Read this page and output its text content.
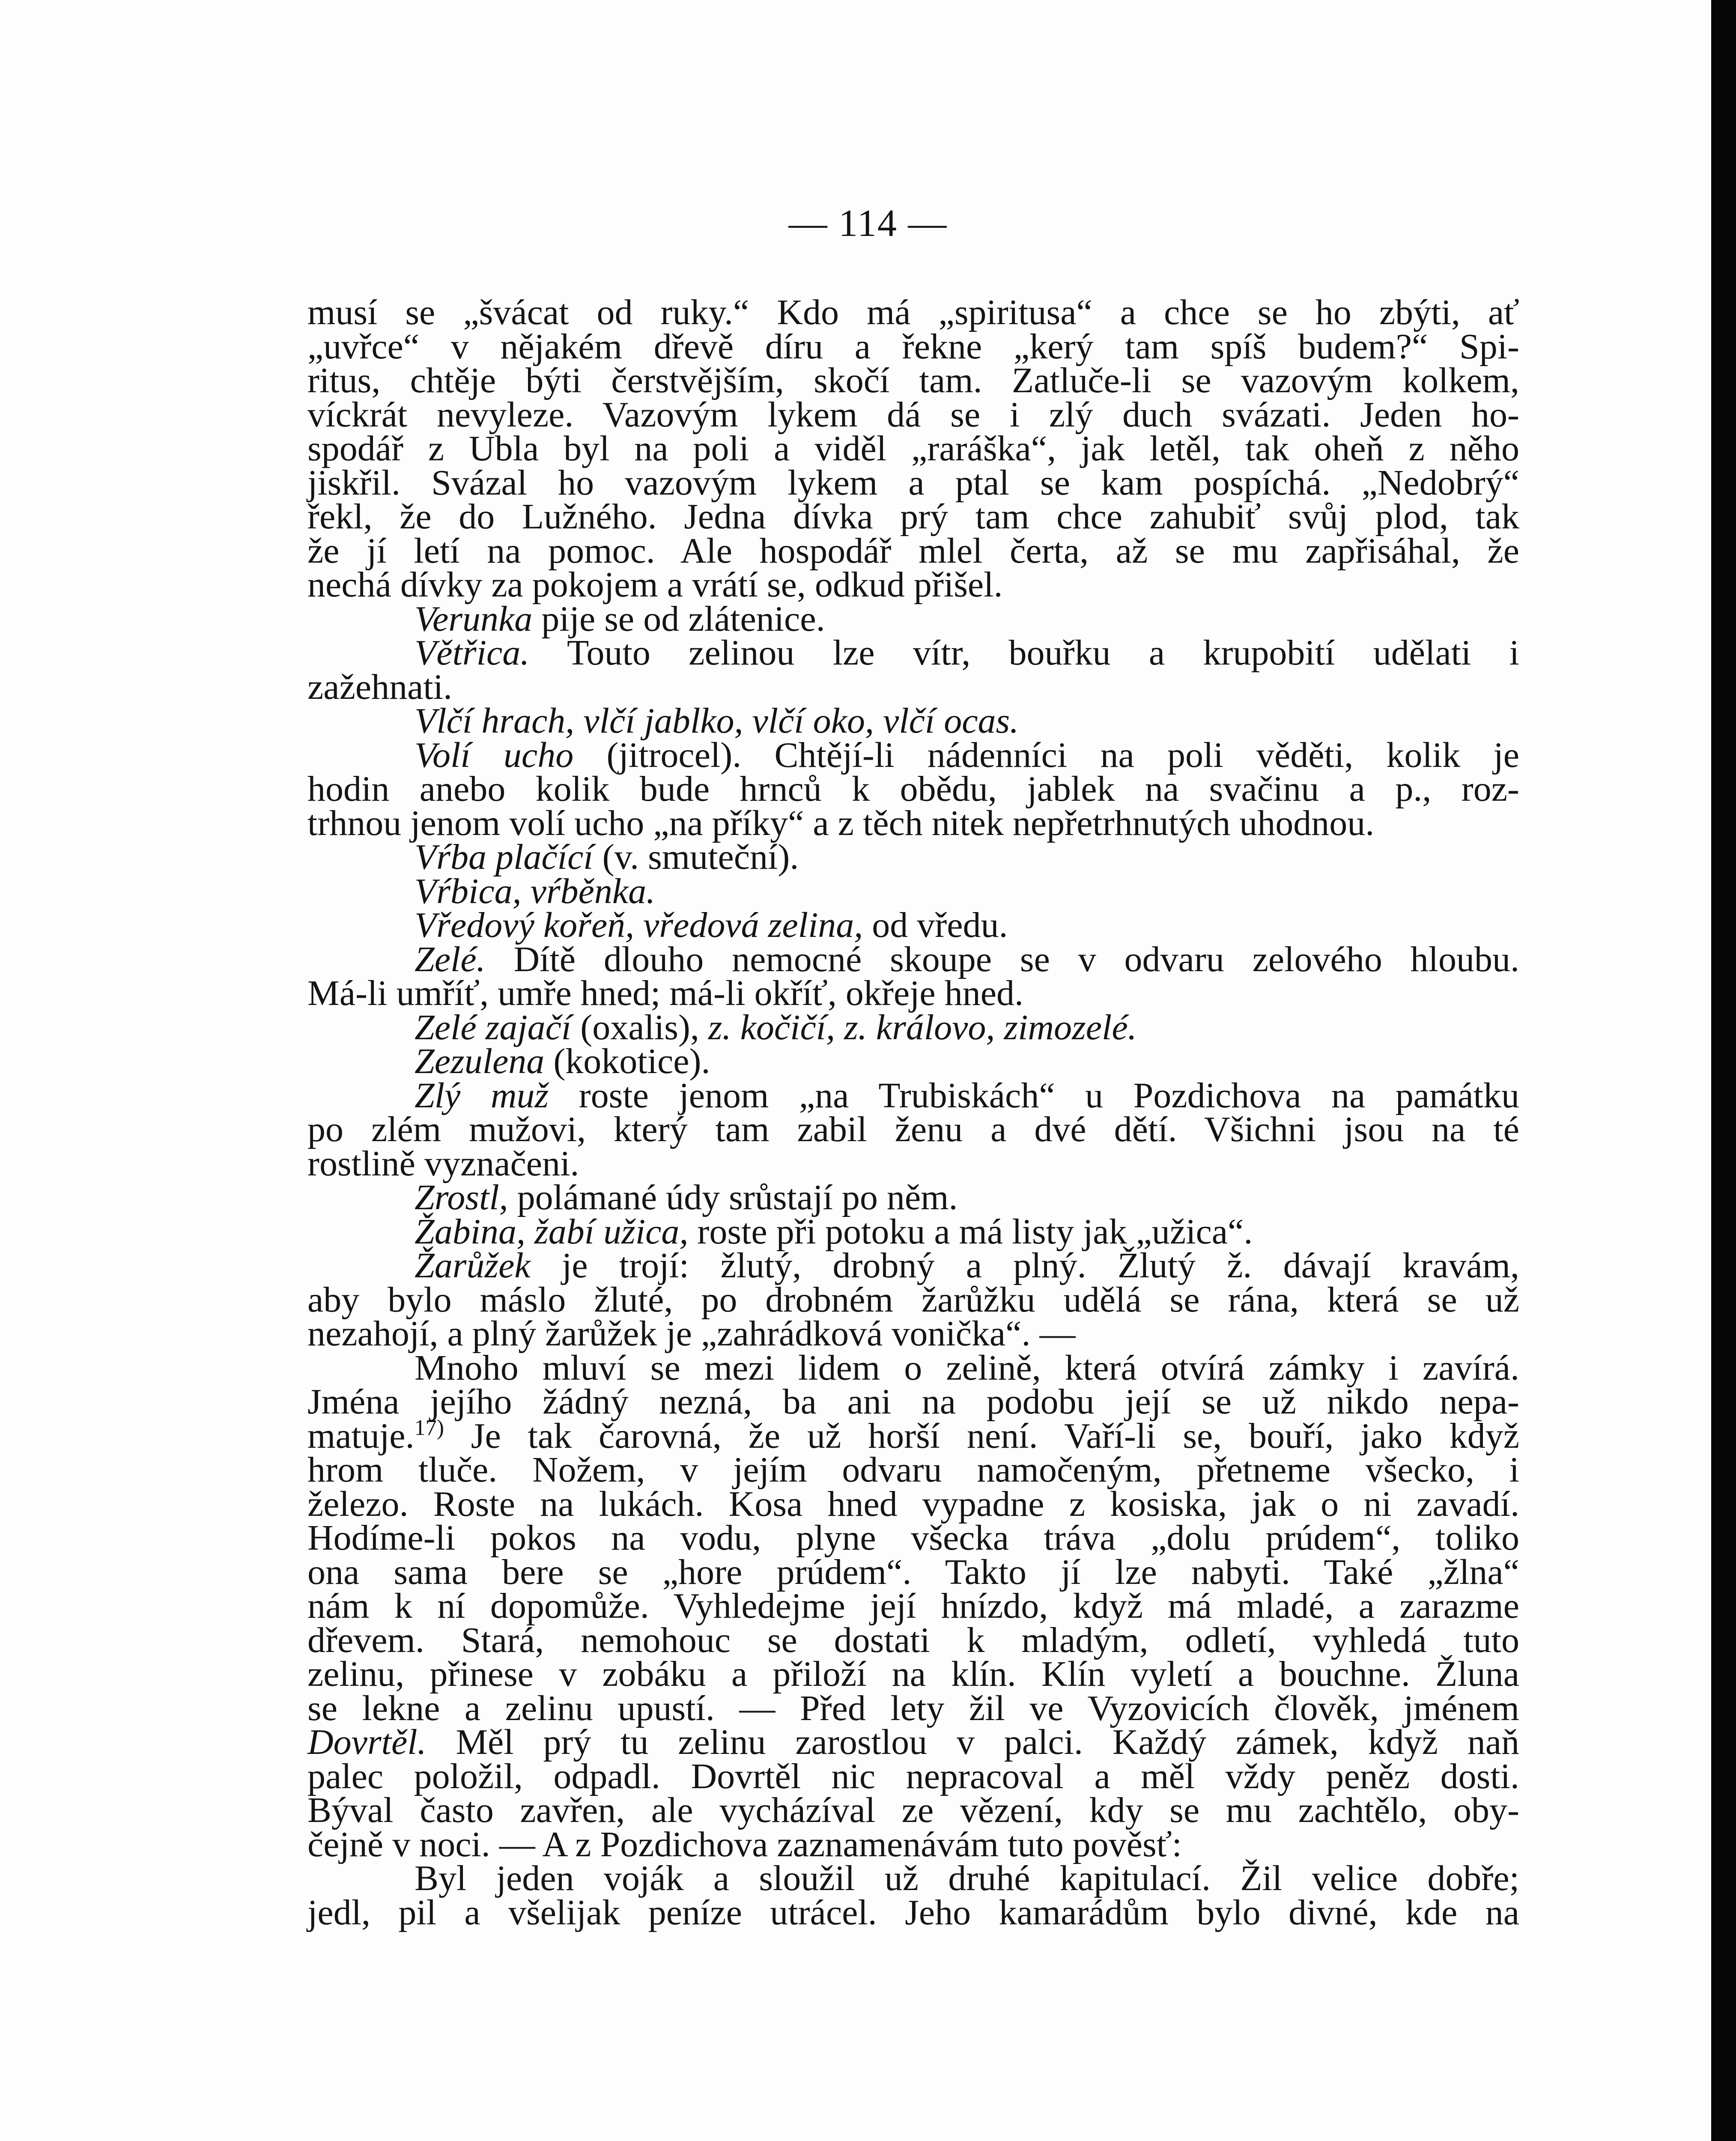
— 114 —
musí se „švácat od ruky.“ Kdo má „spiritusa“ a chce se ho zbýti, ať
„uvřce“ v nějakém dřevě díru a řekne „kerý tam spíš budem?“ Spi-
ritus, chtěje býti čerstvějším, skočí tam. Zatluče-li se vazovým kolkem,
víckrát nevyleze. Vazovým lykem dá se i zlý duch svázati. Jeden ho-
spodář z Ubla byl na poli a viděl „raráška“, jak letěl, tak oheň z něho
jiskřil. Svázal ho vazovým lykem a ptal se kam pospíchá. „Nedobrý“
řekl, že do Lužného. Jedna dívka prý tam chce zahubiť svůj plod, tak
že jí letí na pomoc. Ale hospodář mlel čerta, až se mu zapřisáhal, že
nechá dívky za pokojem a vrátí se, odkud přišel.
Verunka pije se od zlátenice.
Větřica. Touto zelinou lze vítr, bouřku a krupobití udělati i
zažehnati.
Vlčí hrach, vlčí jablko, vlčí oko, vlčí ocas.
Volí ucho (jitrocel). Chtějí-li nádenníci na poli věděti, kolik je
hodin anebo kolik bude hrnců k obědu, jablek na svačinu a p., roz-
trhnou jenom volí ucho „na příky“ a z těch nitek nepřetrhnutých uhodnou.
Vŕba plačící (v. smuteční).
Vŕbica, vŕběnka.
Vředový kořeň, vředová zelina, od vředu.
Zelé. Dítě dlouho nemocné skoupe se v odvaru zelového hloubu.
Má-li umříť, umře hned; má-li okříť, okřeje hned.
Zelé zajačí (oxalis), z. kočičí, z. královo, zimozelé.
Zezulena (kokotice).
Zlý muž roste jenom „na Trubiskách“ u Pozdichova na památku
po zlém mužovi, který tam zabil ženu a dvé dětí. Všichni jsou na té
rostlině vyznačeni.
Zrostl, polámané údy srůstají po něm.
Žabina, žabí užica, roste při potoku a má listy jak „užica“.
Žarůžek je trojí: žlutý, drobný a plný. Žlutý ž. dávají kravám,
aby bylo máslo žluté, po drobném žarůžku udělá se rána, která se už
nezahojí, a plný žarůžek je „zahrádková vonička“. —
Mnoho mluví se mezi lidem o zelině, která otvírá zámky i zavírá.
Jména jejího žádný nezná, ba ani na podobu její se už nikdo nepa-
matuje.$^{17)}$ Je tak čarovná, že už horší není. Vaří-li se, bouří, jako když
hrom tluče. Nožem, v jejím odvaru namočeným, přetneme všecko, i
železo. Roste na lukách. Kosa hned vypadne z kosiska, jak o ni zavadí.
Hodíme-li pokos na vodu, plyne všecka tráva „dolu prúdem“, toliko
ona sama bere se „hore prúdem“. Takto jí lze nabyti. Také „žlna“
nám k ní dopomůže. Vyhledejme její hnízdo, když má mladé, a zarazme
dřevem. Stará, nemohouc se dostati k mladým, odletí, vyhledá tuto
zelinu, přinese v zobáku a přiloží na klín. Klín vyletí a bouchne. Žluna
se lekne a zelinu upustí. — Před lety žil ve Vyzovicích člověk, jménem
Dovrtěl. Měl prý tu zelinu zarostlou v palci. Každý zámek, když naň
palec položil, odpadl. Dovrtěl nic nepracoval a měl vždy peněz dosti.
Býval často zavřen, ale vycházíval ze vězení, kdy se mu zachtělo, oby-
čejně v noci. — A z Pozdichova zaznamenávám tuto pověsť:
Byl jeden voják a sloužil už druhé kapitulací. Žil velice dobře;
jedl, pil a všelijak peníze utrácel. Jeho kamarádům bylo divné, kde na
